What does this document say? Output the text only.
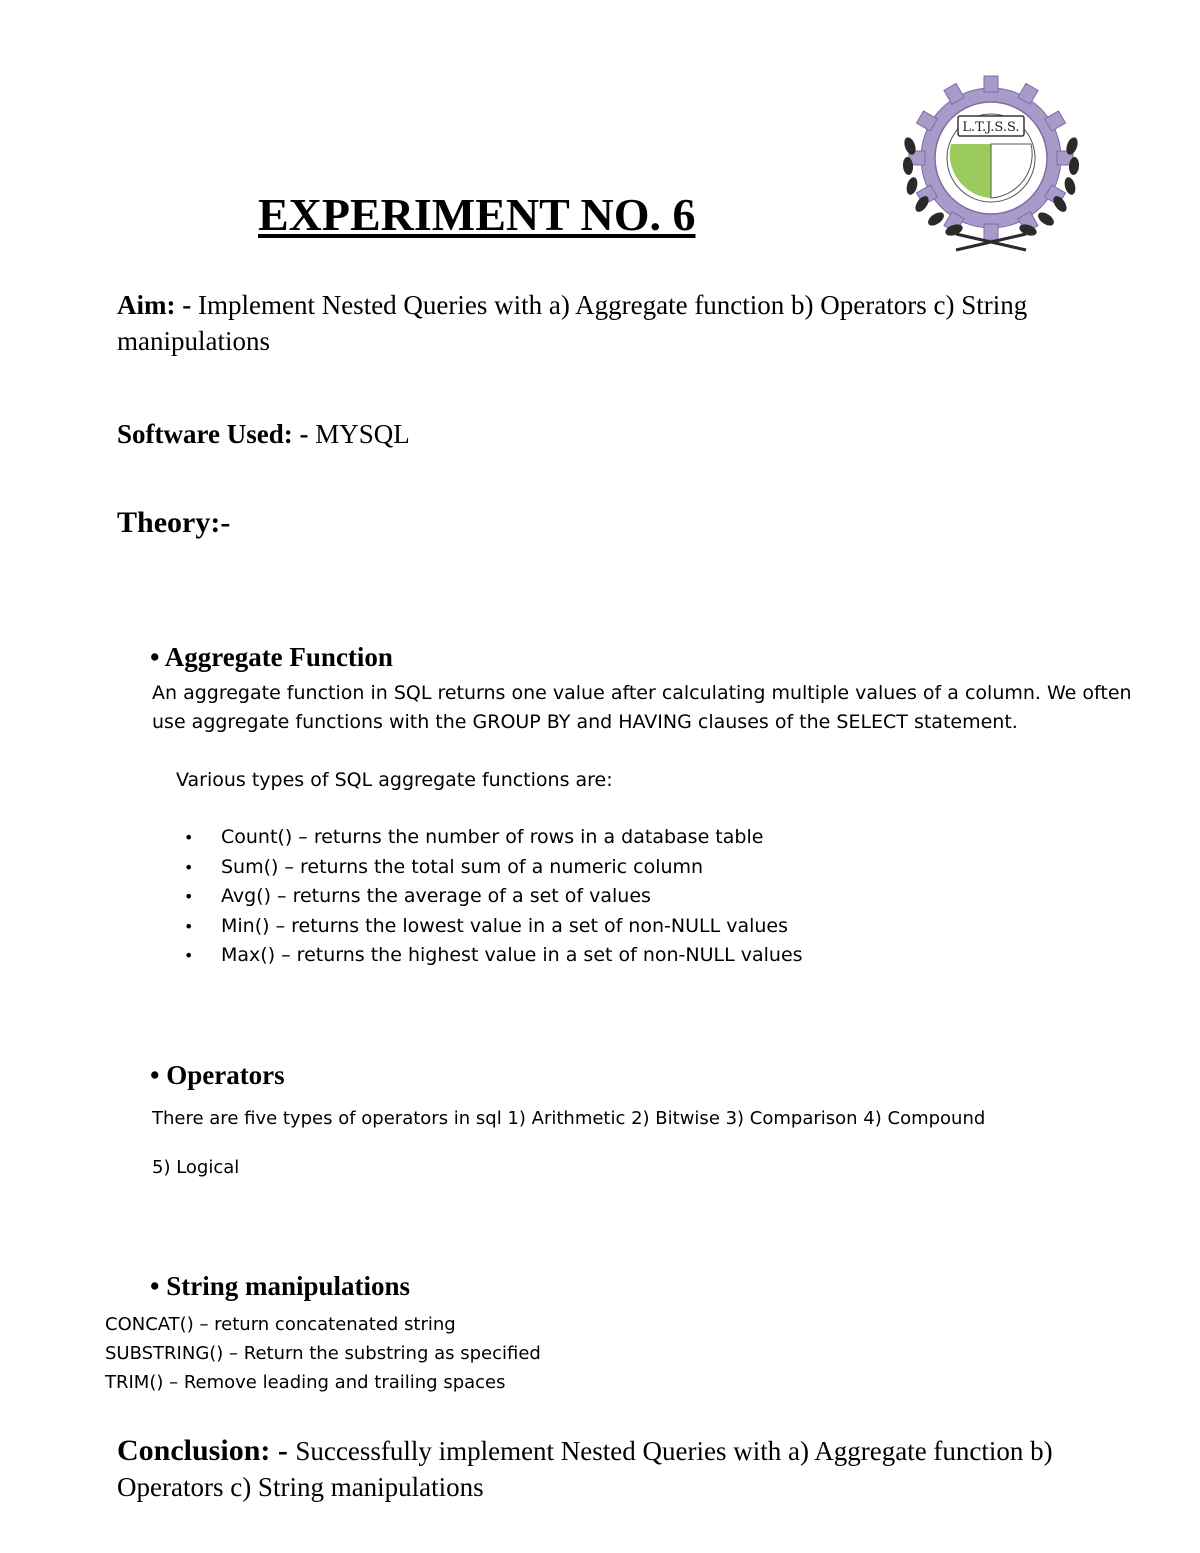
EXPERIMENT NO. 6
L.T.J.S.S.
Aim: - Implement Nested Queries with a) Aggregate function b) Operators c) String manipulations
Software Used: - MYSQL
Theory:-
• Aggregate Function
An aggregate function in SQL returns one value after calculating multiple values of a column. We often use aggregate functions with the GROUP BY and HAVING clauses of the SELECT statement.
Various types of SQL aggregate functions are:
• Count() – returns the number of rows in a database table
• Sum() – returns the total sum of a numeric column
• Avg() – returns the average of a set of values
• Min() – returns the lowest value in a set of non-NULL values
• Max() – returns the highest value in a set of non-NULL values
• Operators
There are five types of operators in sql 1) Arithmetic 2) Bitwise 3) Comparison 4) Compound
5) Logical
• String manipulations
CONCAT() – return concatenated string
SUBSTRING() – Return the substring as specified
TRIM() – Remove leading and trailing spaces
Conclusion: - Successfully implement Nested Queries with a) Aggregate function b) Operators c) String manipulations
